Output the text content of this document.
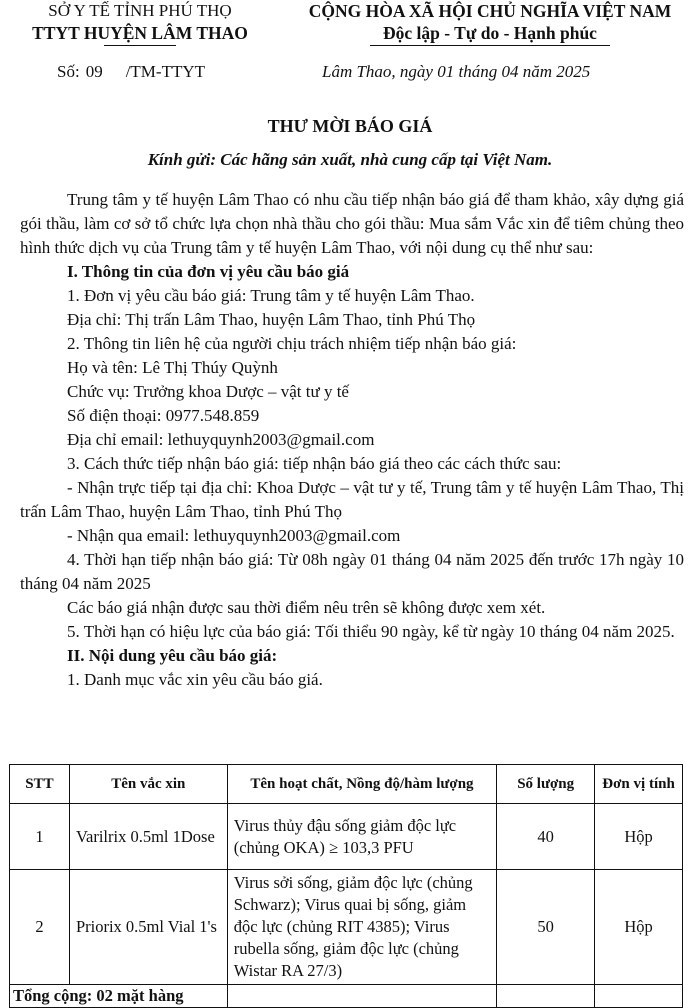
SỞ Y TẾ TỈNH PHÚ THỌ
TTYT HUYỆN LÂM THAO
CỘNG HÒA XÃ HỘI CHỦ NGHĨA VIỆT NAM
Độc lập - Tự do - Hạnh phúc
Số: 09 /TM-TTYT	Lâm Thao, ngày 01 tháng 04 năm 2025
THƯ MỜI BÁO GIÁ
Kính gửi: Các hãng sản xuất, nhà cung cấp tại Việt Nam.

Trung tâm y tế huyện Lâm Thao có nhu cầu tiếp nhận báo giá để tham khảo, xây dựng giá gói thầu, làm cơ sở tổ chức lựa chọn nhà thầu cho gói thầu: Mua sắm Vắc xin để tiêm chủng theo hình thức dịch vụ của Trung tâm y tế huyện Lâm Thao, với nội dung cụ thể như sau:

I. Thông tin của đơn vị yêu cầu báo giá

1. Đơn vị yêu cầu báo giá: Trung tâm y tế huyện Lâm Thao.

Địa chỉ: Thị trấn Lâm Thao, huyện Lâm Thao, tỉnh Phú Thọ

2. Thông tin liên hệ của người chịu trách nhiệm tiếp nhận báo giá:

Họ và tên: Lê Thị Thúy Quỳnh

Chức vụ: Trưởng khoa Dược – vật tư y tế

Số điện thoại: 0977.548.859

Địa chỉ email: lethuyquynh2003@gmail.com

3. Cách thức tiếp nhận báo giá: tiếp nhận báo giá theo các cách thức sau:

- Nhận trực tiếp tại địa chỉ: Khoa Dược – vật tư y tế, Trung tâm y tế huyện Lâm Thao, Thị trấn Lâm Thao, huyện Lâm Thao, tỉnh Phú Thọ

- Nhận qua email: lethuyquynh2003@gmail.com

4. Thời hạn tiếp nhận báo giá: Từ 08h ngày 01 tháng 04 năm 2025 đến trước 17h ngày 10 tháng 04 năm 2025

Các báo giá nhận được sau thời điểm nêu trên sẽ không được xem xét.

5. Thời hạn có hiệu lực của báo giá: Tối thiểu 90 ngày, kể từ ngày 10 tháng 04 năm 2025.

II. Nội dung yêu cầu báo giá:

1. Danh mục vắc xin yêu cầu báo giá.

STT	Tên vắc xin	Tên hoạt chất, Nồng độ/hàm lượng	Số lượng	Đơn vị tính
1	Varilrix 0.5ml 1Dose	Virus thủy đậu sống giảm độc lực (chủng OKA) ≥ 103,3 PFU	40	Hộp
2	Priorix 0.5ml Vial 1's	Virus sởi sống, giảm độc lực (chủng Schwarz); Virus quai bị sống, giảm độc lực (chủng RIT 4385); Virus rubella sống, giảm độc lực (chủng Wistar RA 27/3)	50	Hộp
Tổng cộng: 02 mặt hàng				
